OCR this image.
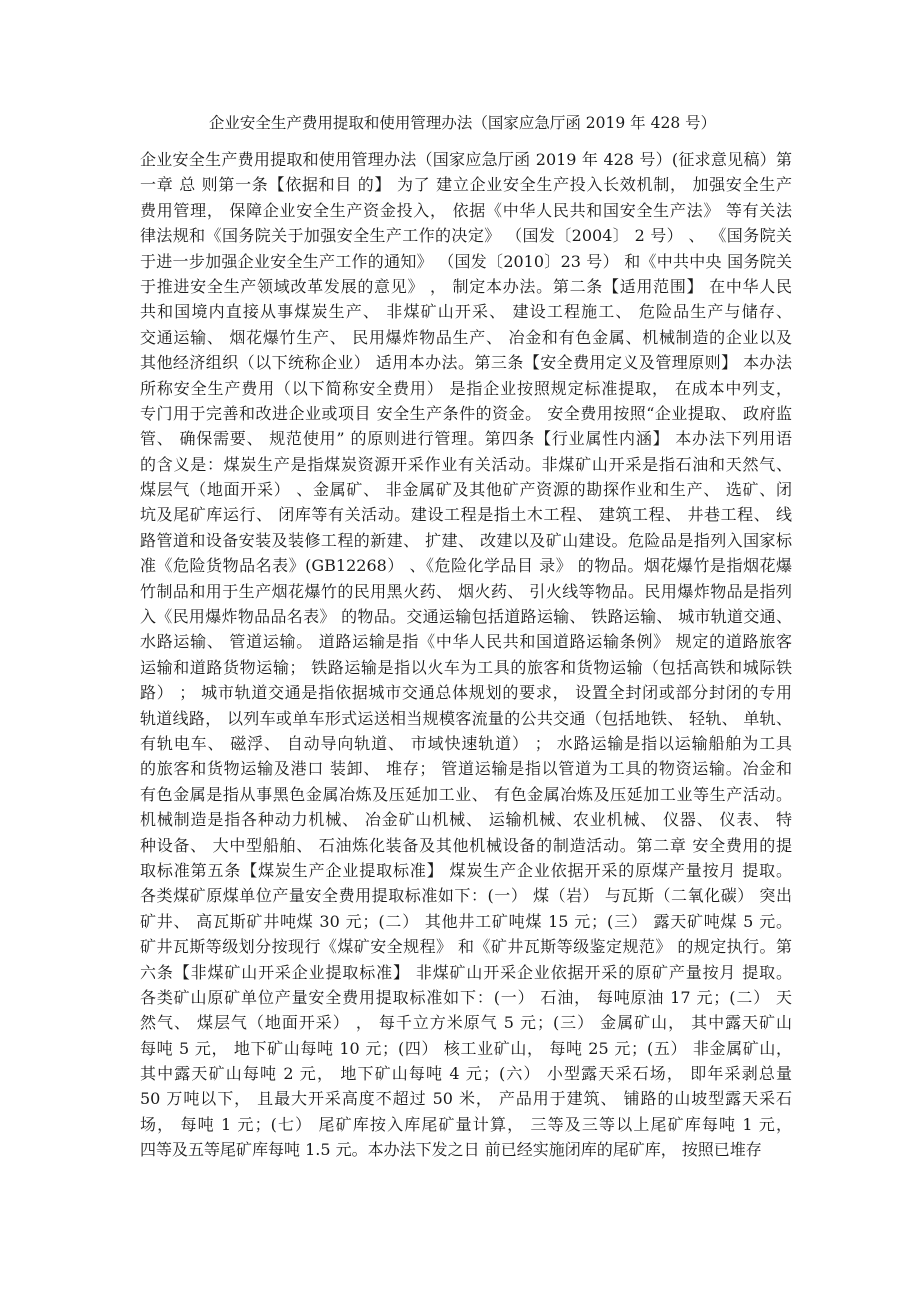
企业安全生产费用提取和使用管理办法（国家应急厅函 2019 年 428 号）
企业安全生产费用提取和使用管理办法（国家应急厅函 2019 年 428 号）(征求意见稿）第
一章 总 则第一条【依据和目 的】 为了 建立企业安全生产投入长效机制， 加强安全生产
费用管理， 保障企业安全生产资金投入， 依据《中华人民共和国安全生产法》 等有关法
律法规和《国务院关于加强安全生产工作的决定》 （国发〔2004〕 2 号） 、 《国务院关
于进一步加强企业安全生产工作的通知》 （国发〔2010〕23 号） 和《中共中央 国务院关
于推进安全生产领域改革发展的意见》 ， 制定本办法。第二条【适用范围】 在中华人民
共和国境内直接从事煤炭生产、 非煤矿山开采、 建设工程施工、 危险品生产与储存、
交通运输、 烟花爆竹生产、 民用爆炸物品生产、 冶金和有色金属、机械制造的企业以及
其他经济组织（以下统称企业） 适用本办法。第三条【安全费用定义及管理原则】 本办法
所称安全生产费用（以下简称安全费用） 是指企业按照规定标准提取， 在成本中列支，
专门用于完善和改进企业或项目 安全生产条件的资金。 安全费用按照“企业提取、 政府监
管、 确保需要、 规范使用” 的原则进行管理。第四条【行业属性内涵】 本办法下列用语
的含义是：煤炭生产是指煤炭资源开采作业有关活动。非煤矿山开采是指石油和天然气、
煤层气（地面开采） 、金属矿、 非金属矿及其他矿产资源的勘探作业和生产、 选矿、闭
坑及尾矿库运行、 闭库等有关活动。建设工程是指土木工程、 建筑工程、 井巷工程、 线
路管道和设备安装及装修工程的新建、 扩建、 改建以及矿山建设。危险品是指列入国家标
准《危险货物品名表》(GB12268） 、《危险化学品目 录》 的物品。烟花爆竹是指烟花爆
竹制品和用于生产烟花爆竹的民用黑火药、 烟火药、 引火线等物品。民用爆炸物品是指列
入《民用爆炸物品品名表》 的物品。交通运输包括道路运输、 铁路运输、 城市轨道交通、
水路运输、 管道运输。 道路运输是指《中华人民共和国道路运输条例》 规定的道路旅客
运输和道路货物运输； 铁路运输是指以火车为工具的旅客和货物运输（包括高铁和城际铁
路） ； 城市轨道交通是指依据城市交通总体规划的要求， 设置全封闭或部分封闭的专用
轨道线路， 以列车或单车形式运送相当规模客流量的公共交通（包括地铁、 轻轨、 单轨、
有轨电车、 磁浮、 自动导向轨道、 市域快速轨道） ； 水路运输是指以运输船舶为工具
的旅客和货物运输及港口 装卸、 堆存； 管道运输是指以管道为工具的物资运输。冶金和
有色金属是指从事黑色金属冶炼及压延加工业、 有色金属冶炼及压延加工业等生产活动。
机械制造是指各种动力机械、 冶金矿山机械、 运输机械、农业机械、 仪器、 仪表、 特
种设备、 大中型船舶、 石油炼化装备及其他机械设备的制造活动。第二章 安全费用的提
取标准第五条【煤炭生产企业提取标准】 煤炭生产企业依据开采的原煤产量按月 提取。
各类煤矿原煤单位产量安全费用提取标准如下：(一） 煤（岩） 与瓦斯（二氧化碳） 突出
矿井、 高瓦斯矿井吨煤 30 元；(二） 其他井工矿吨煤 15 元；(三） 露天矿吨煤 5 元。
矿井瓦斯等级划分按现行《煤矿安全规程》 和《矿井瓦斯等级鉴定规范》 的规定执行。第
六条【非煤矿山开采企业提取标准】 非煤矿山开采企业依据开采的原矿产量按月 提取。
各类矿山原矿单位产量安全费用提取标准如下：(一） 石油， 每吨原油 17 元；(二） 天
然气、 煤层气（地面开采） ， 每千立方米原气 5 元；(三） 金属矿山， 其中露天矿山
每吨 5 元， 地下矿山每吨 10 元；(四） 核工业矿山， 每吨 25 元；(五） 非金属矿山，
其中露天矿山每吨 2 元， 地下矿山每吨 4 元；(六） 小型露天采石场， 即年采剥总量
50 万吨以下， 且最大开采高度不超过 50 米， 产品用于建筑、 铺路的山坡型露天采石
场， 每吨 1 元；(七） 尾矿库按入库尾矿量计算， 三等及三等以上尾矿库每吨 1 元，
四等及五等尾矿库每吨 1.5 元。本办法下发之日 前已经实施闭库的尾矿库， 按照已堆存
